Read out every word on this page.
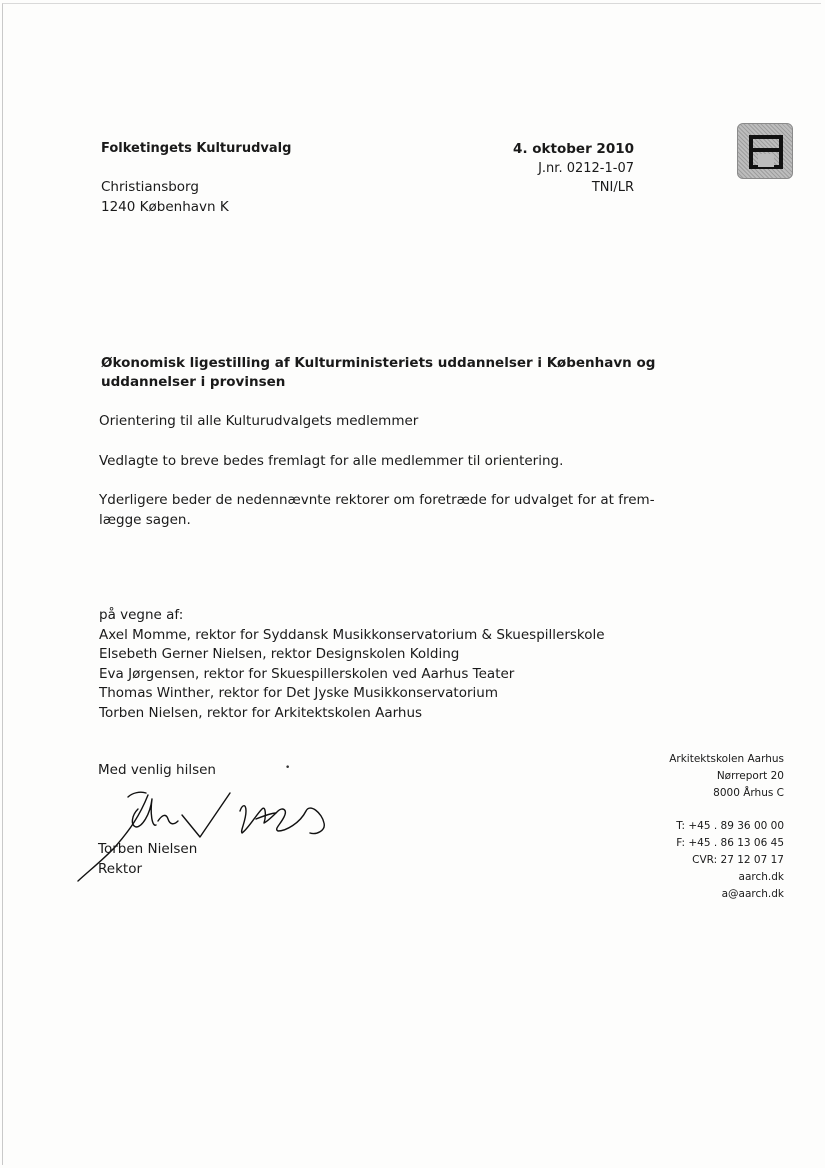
Folketingets Kulturudvalg
Christiansborg
1240 København K
4. oktober 2010
J.nr. 0212-1-07
TNI/LR
Økonomisk ligestilling af Kulturministeriets uddannelser i København og uddannelser i provinsen
Orientering til alle Kulturudvalgets medlemmer
Vedlagte to breve bedes fremlagt for alle medlemmer til orientering.
Yderligere beder de nedennævnte rektorer om foretræde for udvalget for at frem-
lægge sagen.
på vegne af:
Axel Momme, rektor for Syddansk Musikkonservatorium & Skuespillerskole
Elsebeth Gerner Nielsen, rektor Designskolen Kolding
Eva Jørgensen, rektor for Skuespillerskolen ved Aarhus Teater
Thomas Winther, rektor for Det Jyske Musikkonservatorium
Torben Nielsen, rektor for Arkitektskolen Aarhus
Med venlig hilsen	•
Torben Nielsen
Rektor
Arkitektskolen Aarhus
Nørreport 20
8000 Århus C
T: +45 . 89 36 00 00
F: +45 . 86 13 06 45
CVR: 27 12 07 17
aarch.dk
a@aarch.dk
